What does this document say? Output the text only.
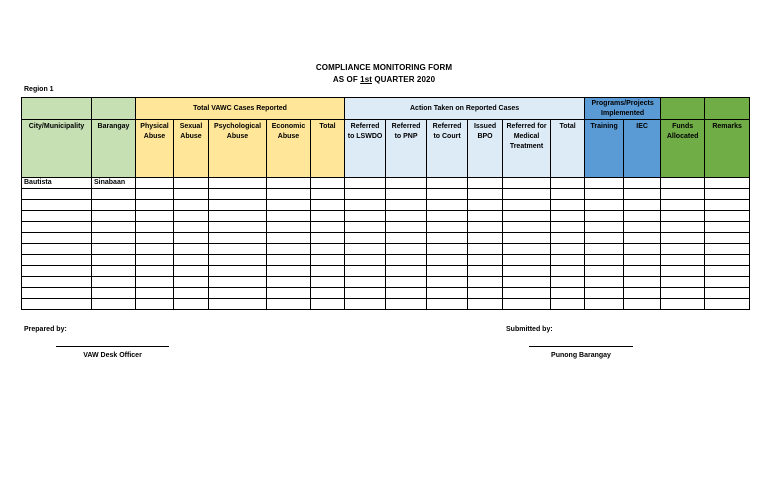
COMPLIANCE MONITORING FORM
AS OF 1st QUARTER 2020
Region 1
		Total VAWC Cases Reported					Action Taken on Reported Cases						Programs/Projects Implemented			
City/Municipality	Barangay	Physical Abuse	Sexual Abuse	Psychological Abuse	Economic Abuse	Total	Referred to LSWDO	Referred to PNP	Referred to Court	Issued BPO	Referred for Medical Treatment	Total	Training	IEC	Funds Allocated	Remarks
Bautista	Sinabaan															

Prepared by:
VAW Desk Officer
Submitted by:
Punong Barangay
